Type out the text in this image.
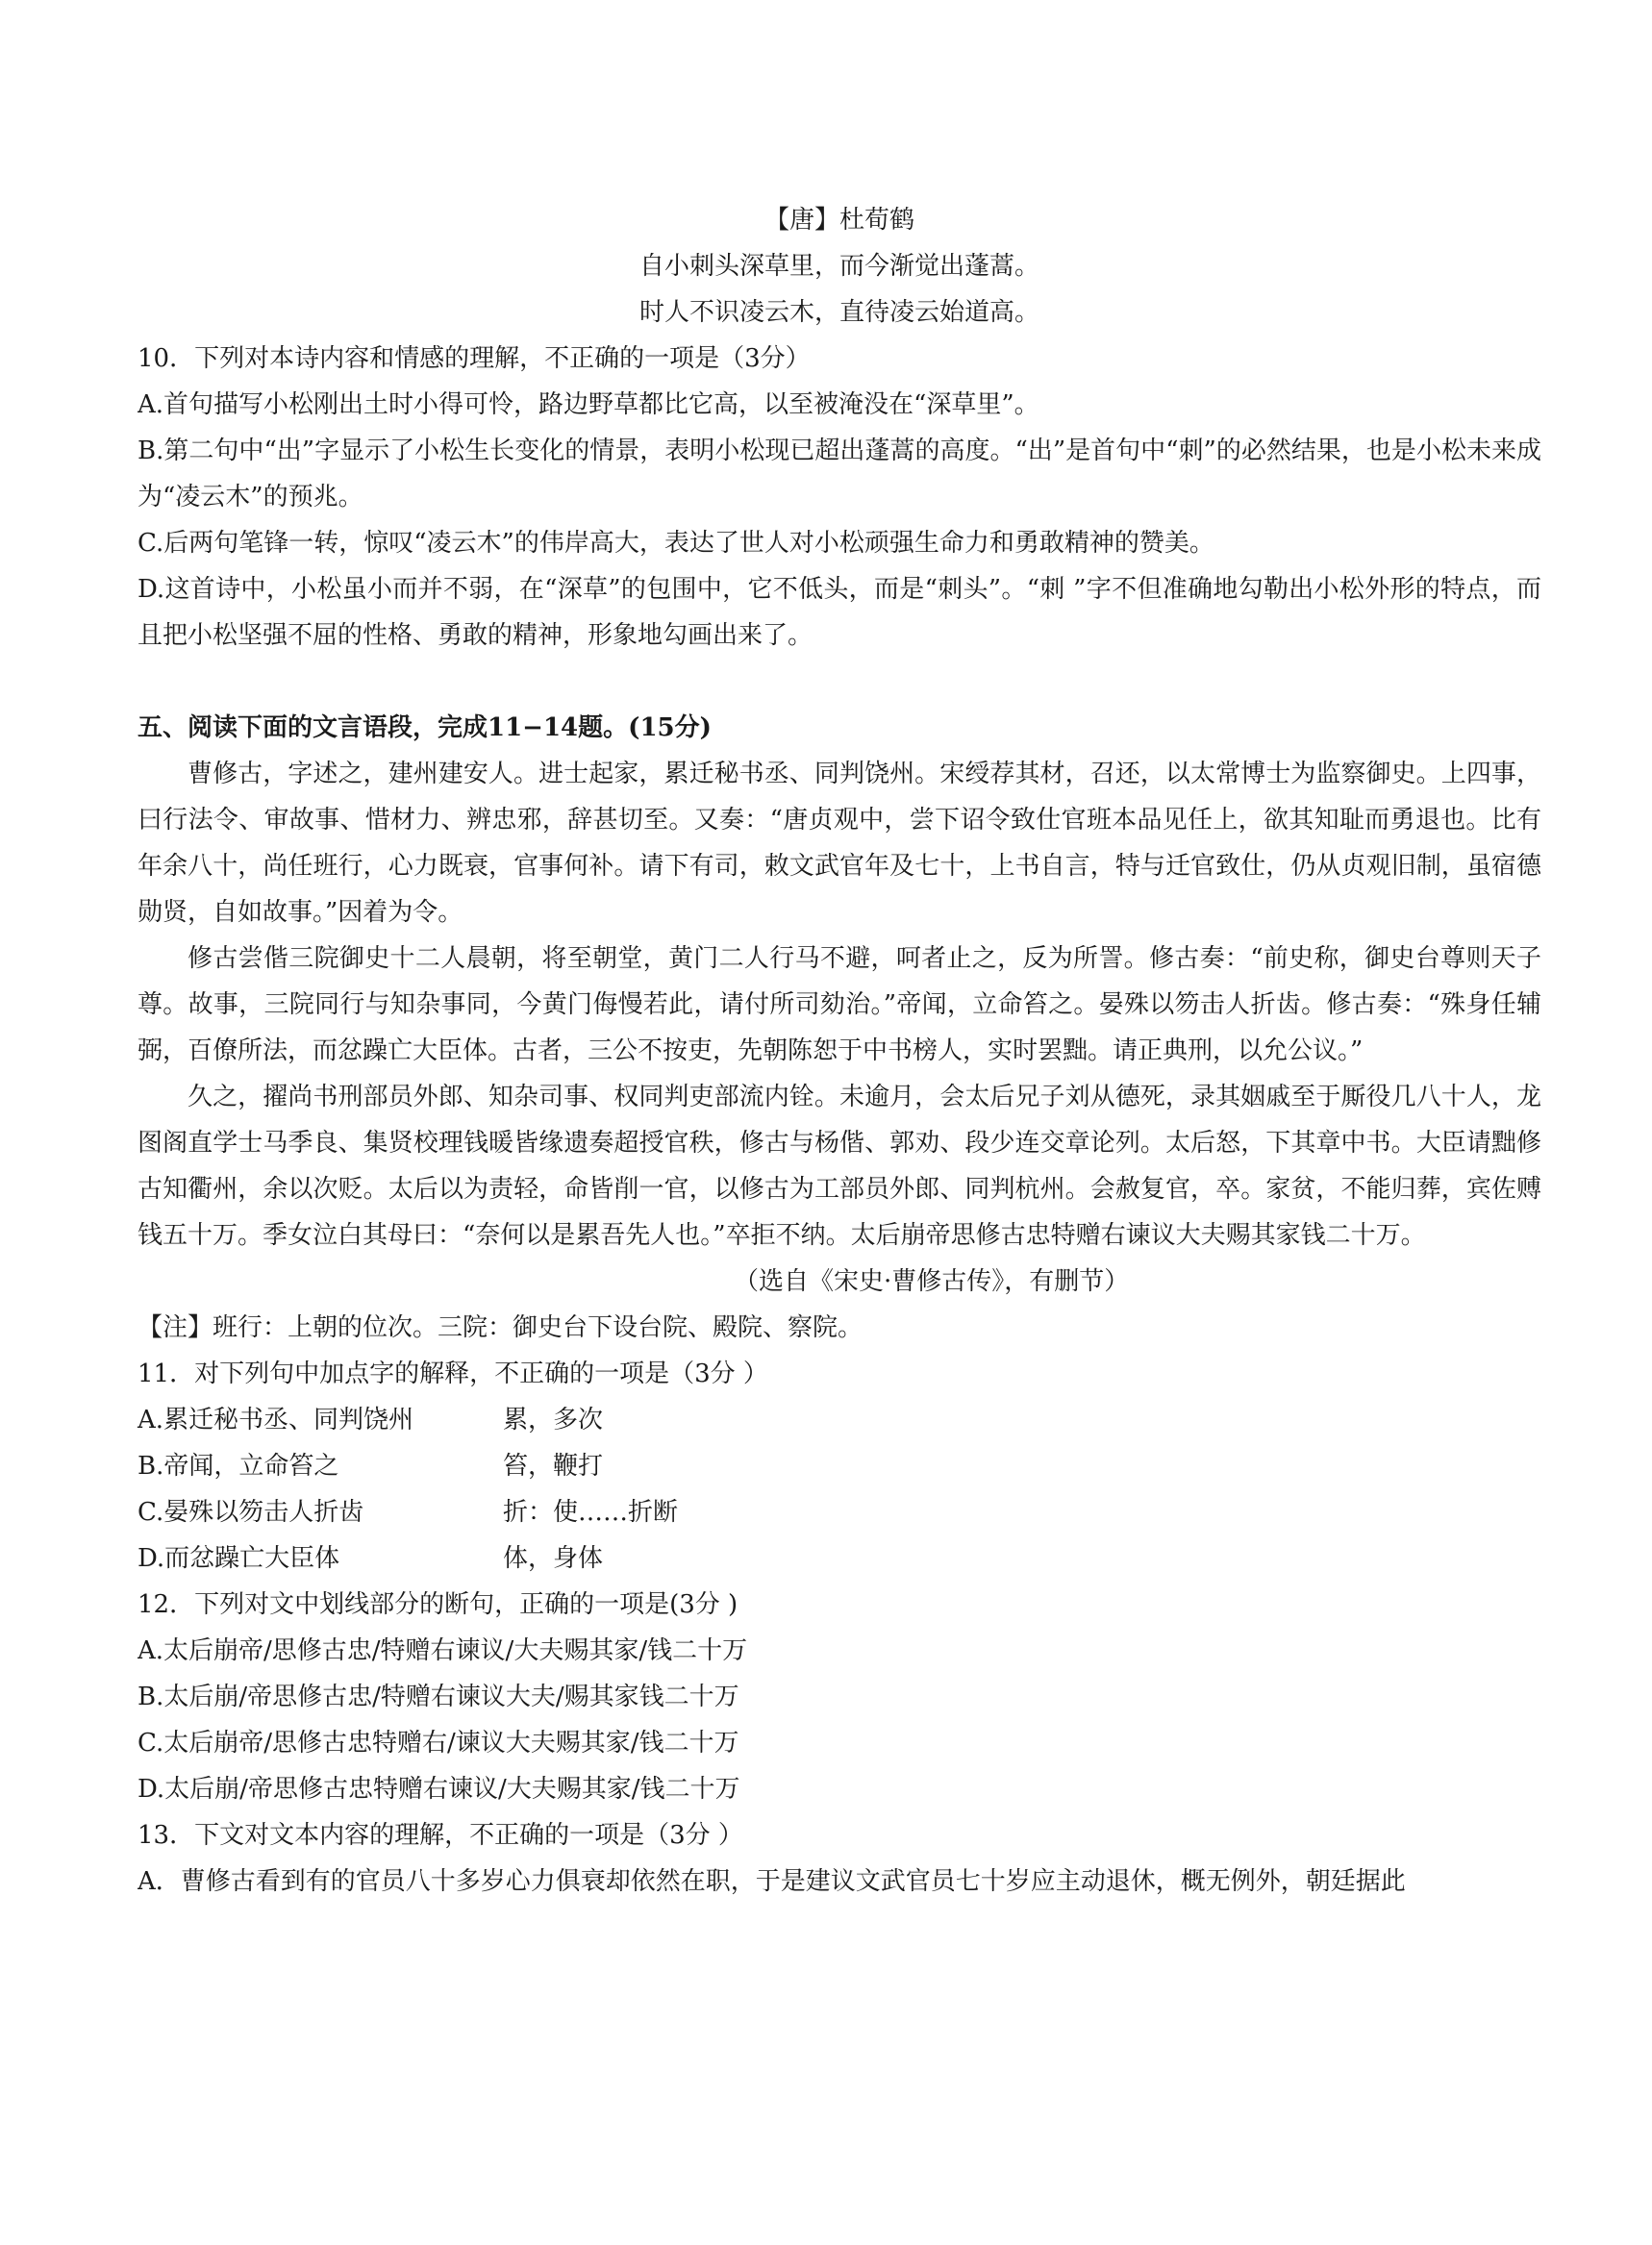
【唐】杜荀鹤
自小刺头深草里，而今渐觉出蓬蒿。
时人不识凌云木，直待凌云始道高。
10．下列对本诗内容和情感的理解，不正确的一项是（3分）
A.首句描写小松刚出土时小得可怜，路边野草都比它高，以至被淹没在“深草里”。
B.第二句中“出”字显示了小松生长变化的情景，表明小松现已超出蓬蒿的高度。“出”是首句中“刺”的必然结果，也是小松未来成为“凌云木”的预兆。
C.后两句笔锋一转，惊叹“凌云木”的伟岸高大，表达了世人对小松顽强生命力和勇敢精神的赞美。
D.这首诗中，小松虽小而并不弱，在“深草”的包围中，它不低头，而是“刺头”。“刺 ”字不但准确地勾勒出小松外形的特点，而且把小松坚强不屈的性格、勇敢的精神，形象地勾画出来了。
五、阅读下面的文言语段，完成11−14题。(15分)
曹修古，字述之，建州建安人。进士起家，累迁秘书丞、同判饶州。宋绶荐其材，召还，以太常博士为监察御史。上四事，曰行法令、审故事、惜材力、辨忠邪，辞甚切至。又奏：“唐贞观中，尝下诏令致仕官班本品见任上，欲其知耻而勇退也。比有年余八十，尚任班行，心力既衰，官事何补。请下有司，敕文武官年及七十，上书自言，特与迁官致仕，仍从贞观旧制，虽宿德勋贤，自如故事。”因着为令。
修古尝偕三院御史十二人晨朝，将至朝堂，黄门二人行马不避，呵者止之，反为所詈。修古奏：“前史称，御史台尊则天子尊。故事，三院同行与知杂事同，今黄门侮慢若此，请付所司劾治。”帝闻，立命笞之。晏殊以笏击人折齿。修古奏：“殊身任辅弼，百僚所法，而忿躁亡大臣体。古者，三公不按吏，先朝陈恕于中书榜人，实时罢黜。请正典刑，以允公议。”
久之，擢尚书刑部员外郎、知杂司事、权同判吏部流内铨。未逾月，会太后兄子刘从德死，录其姻戚至于厮役几八十人，龙图阁直学士马季良、集贤校理钱暖皆缘遗奏超授官秩，修古与杨偕、郭劝、段少连交章论列。太后怒，下其章中书。大臣请黜修古知衢州，余以次贬。太后以为责轻，命皆削一官，以修古为工部员外郎、同判杭州。会赦复官，卒。家贫，不能归葬，宾佐赙钱五十万。季女泣白其母曰：“奈何以是累吾先人也。”卒拒不纳。太后崩帝思修古忠特赠右谏议大夫赐其家钱二十万。
（选自《宋史·曹修古传》，有删节）
【注】班行：上朝的位次。三院：御史台下设台院、殿院、察院。
11．对下列句中加点字的解释，不正确的一项是（3分 ）
A.累迁秘书丞、同判饶州	累，多次
B.帝闻，立命笞之	笞，鞭打
C.晏殊以笏击人折齿	折：使……折断
D.而忿躁亡大臣体	体，身体
12．下列对文中划线部分的断句，正确的一项是(3分 )
A.太后崩帝/思修古忠/特赠右谏议/大夫赐其家/钱二十万
B.太后崩/帝思修古忠/特赠右谏议大夫/赐其家钱二十万
C.太后崩帝/思修古忠特赠右/谏议大夫赐其家/钱二十万
D.太后崩/帝思修古忠特赠右谏议/大夫赐其家/钱二十万
13．下文对文本内容的理解，不正确的一项是（3分 ）
A．曹修古看到有的官员八十多岁心力俱衰却依然在职，于是建议文武官员七十岁应主动退休，概无例外，朝廷据此
